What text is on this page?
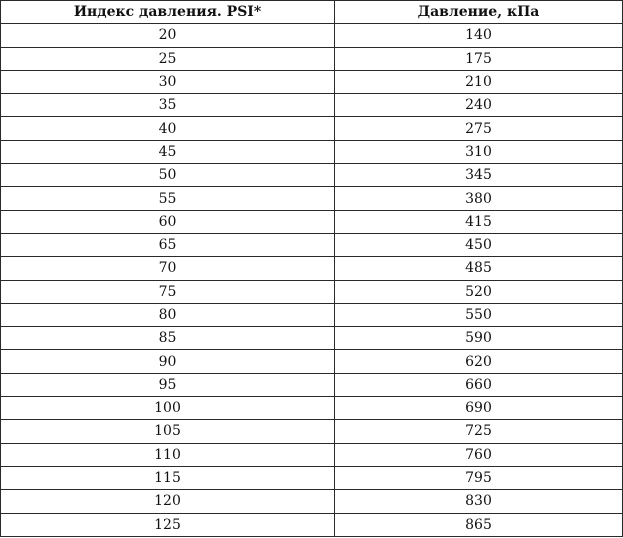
Индекс давления. PSI*	Давление, кПа
20	140
25	175
30	210
35	240
40	275
45	310
50	345
55	380
60	415
65	450
70	485
75	520
80	550
85	590
90	620
95	660
100	690
105	725
110	760
115	795
120	830
125	865
